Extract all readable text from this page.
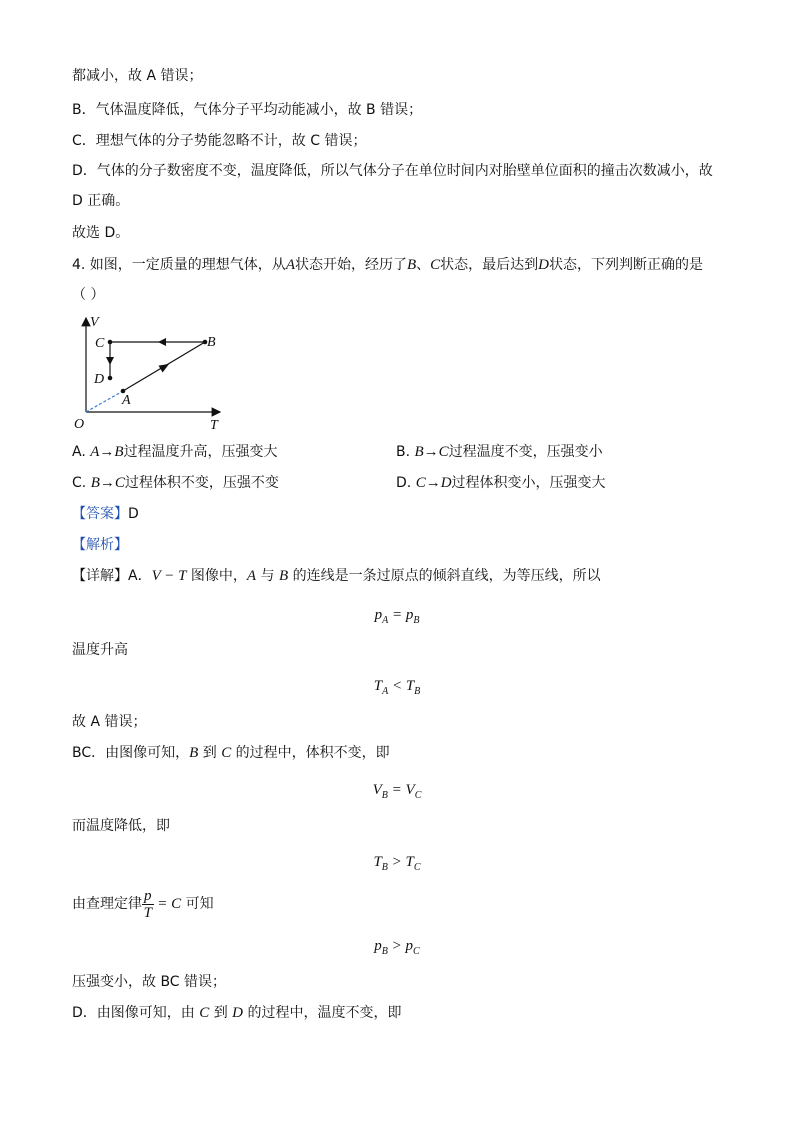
都减小，故 A 错误；
B．气体温度降低，气体分子平均动能减小，故 B 错误；
C．理想气体的分子势能忽略不计，故 C 错误；
D．气体的分子数密度不变，温度降低，所以气体分子在单位时间内对胎壁单位面积的撞击次数减小，故
D 正确。
故选 D。
4. 如图，一定质量的理想气体，从A状态开始，经历了B、C状态，最后达到D状态，下列判断正确的是
（ ）
V
T
O
A
B
C
D
A. A→B过程温度升高，压强变大	B. B→C过程温度不变，压强变小
C. B→C过程体积不变，压强不变	D. C→D过程体积变小，压强变大
【答案】D
【解析】
【详解】A．V − T 图像中，A 与 B 的连线是一条过原点的倾斜直线，为等压线，所以
$p_A = p_B$
温度升高
$T_A < T_B$
故 A 错误；
BC．由图像可知，B 到 C 的过程中，体积不变，即
$V_B = V_C$
而温度降低，即
$T_B > T_C$
由查理定律 $\frac{p}{T} = C$ 可知
$p_B > p_C$
压强变小，故 BC 错误；
D．由图像可知，由 C 到 D 的过程中，温度不变，即
